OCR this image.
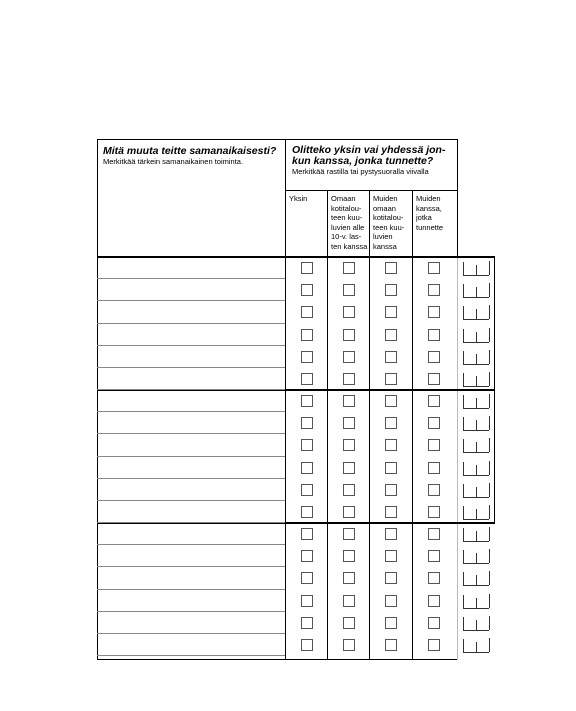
Mitä muuta teitte samanaikaisesti?
Merkitkää tärkein samanaikainen toiminta.
Olitteko yksin vai yhdessä jon-
kun kanssa, jonka tunnette?
Merkitkää rastilla tai pystysuoralla viivalla
Yksin	Omaan
kotitalou-
teen kuu-
luvien alle
10-v. las-
ten kanssa
Muiden
omaan
kotitalou-
teen kuu-
luvien
kanssa
Muiden
kanssa,
jotka
tunnette
